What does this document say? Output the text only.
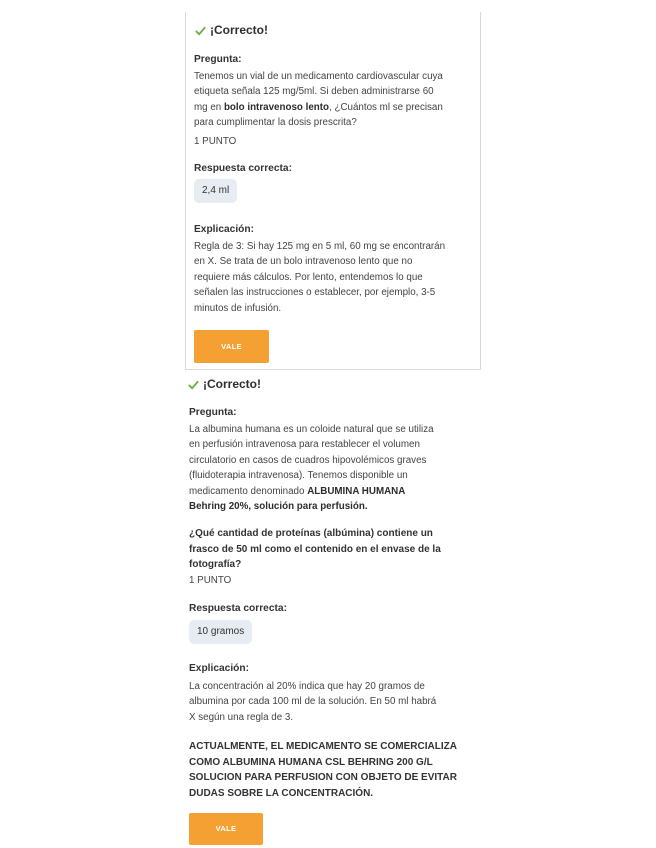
¡Correcto!

Pregunta:

Tenemos un vial de un medicamento cardiovascular cuya
etiqueta señala 125 mg/5ml. Si deben administrarse 60
mg en bolo intravenoso lento, ¿Cuántos ml se precisan
para cumplimentar la dosis prescrita?

1 PUNTO

Respuesta correcta:

2,4 ml

Explicación:

Regla de 3: Si hay 125 mg en 5 ml, 60 mg se encontrarán
en X. Se trata de un bolo intravenoso lento que no
requiere más cálculos. Por lento, entendemos lo que
señalen las instrucciones o establecer, por ejemplo, 3-5
minutos de infusión.
VALE
¡Correcto!

Pregunta:

La albumina humana es un coloide natural que se utiliza
en perfusión intravenosa para restablecer el volumen
circulatorio en casos de cuadros hipovolémicos graves
(fluidoterapia intravenosa). Tenemos disponible un
medicamento denominado ALBUMINA HUMANA
Behring 20%, solución para perfusión.
¿Qué cantidad de proteínas (albúmina) contiene un
frasco de 50 ml como el contenido en el envase de la
fotografía?

1 PUNTO

Respuesta correcta:

10 gramos

Explicación:

La concentración al 20% indica que hay 20 gramos de
albumina por cada 100 ml de la solución. En 50 ml habrá
X según una regla de 3.
ACTUALMENTE, EL MEDICAMENTO SE COMERCIALIZA
COMO ALBUMINA HUMANA CSL BEHRING 200 G/L
SOLUCION PARA PERFUSION CON OBJETO DE EVITAR
DUDAS SOBRE LA CONCENTRACIÓN.
VALE
